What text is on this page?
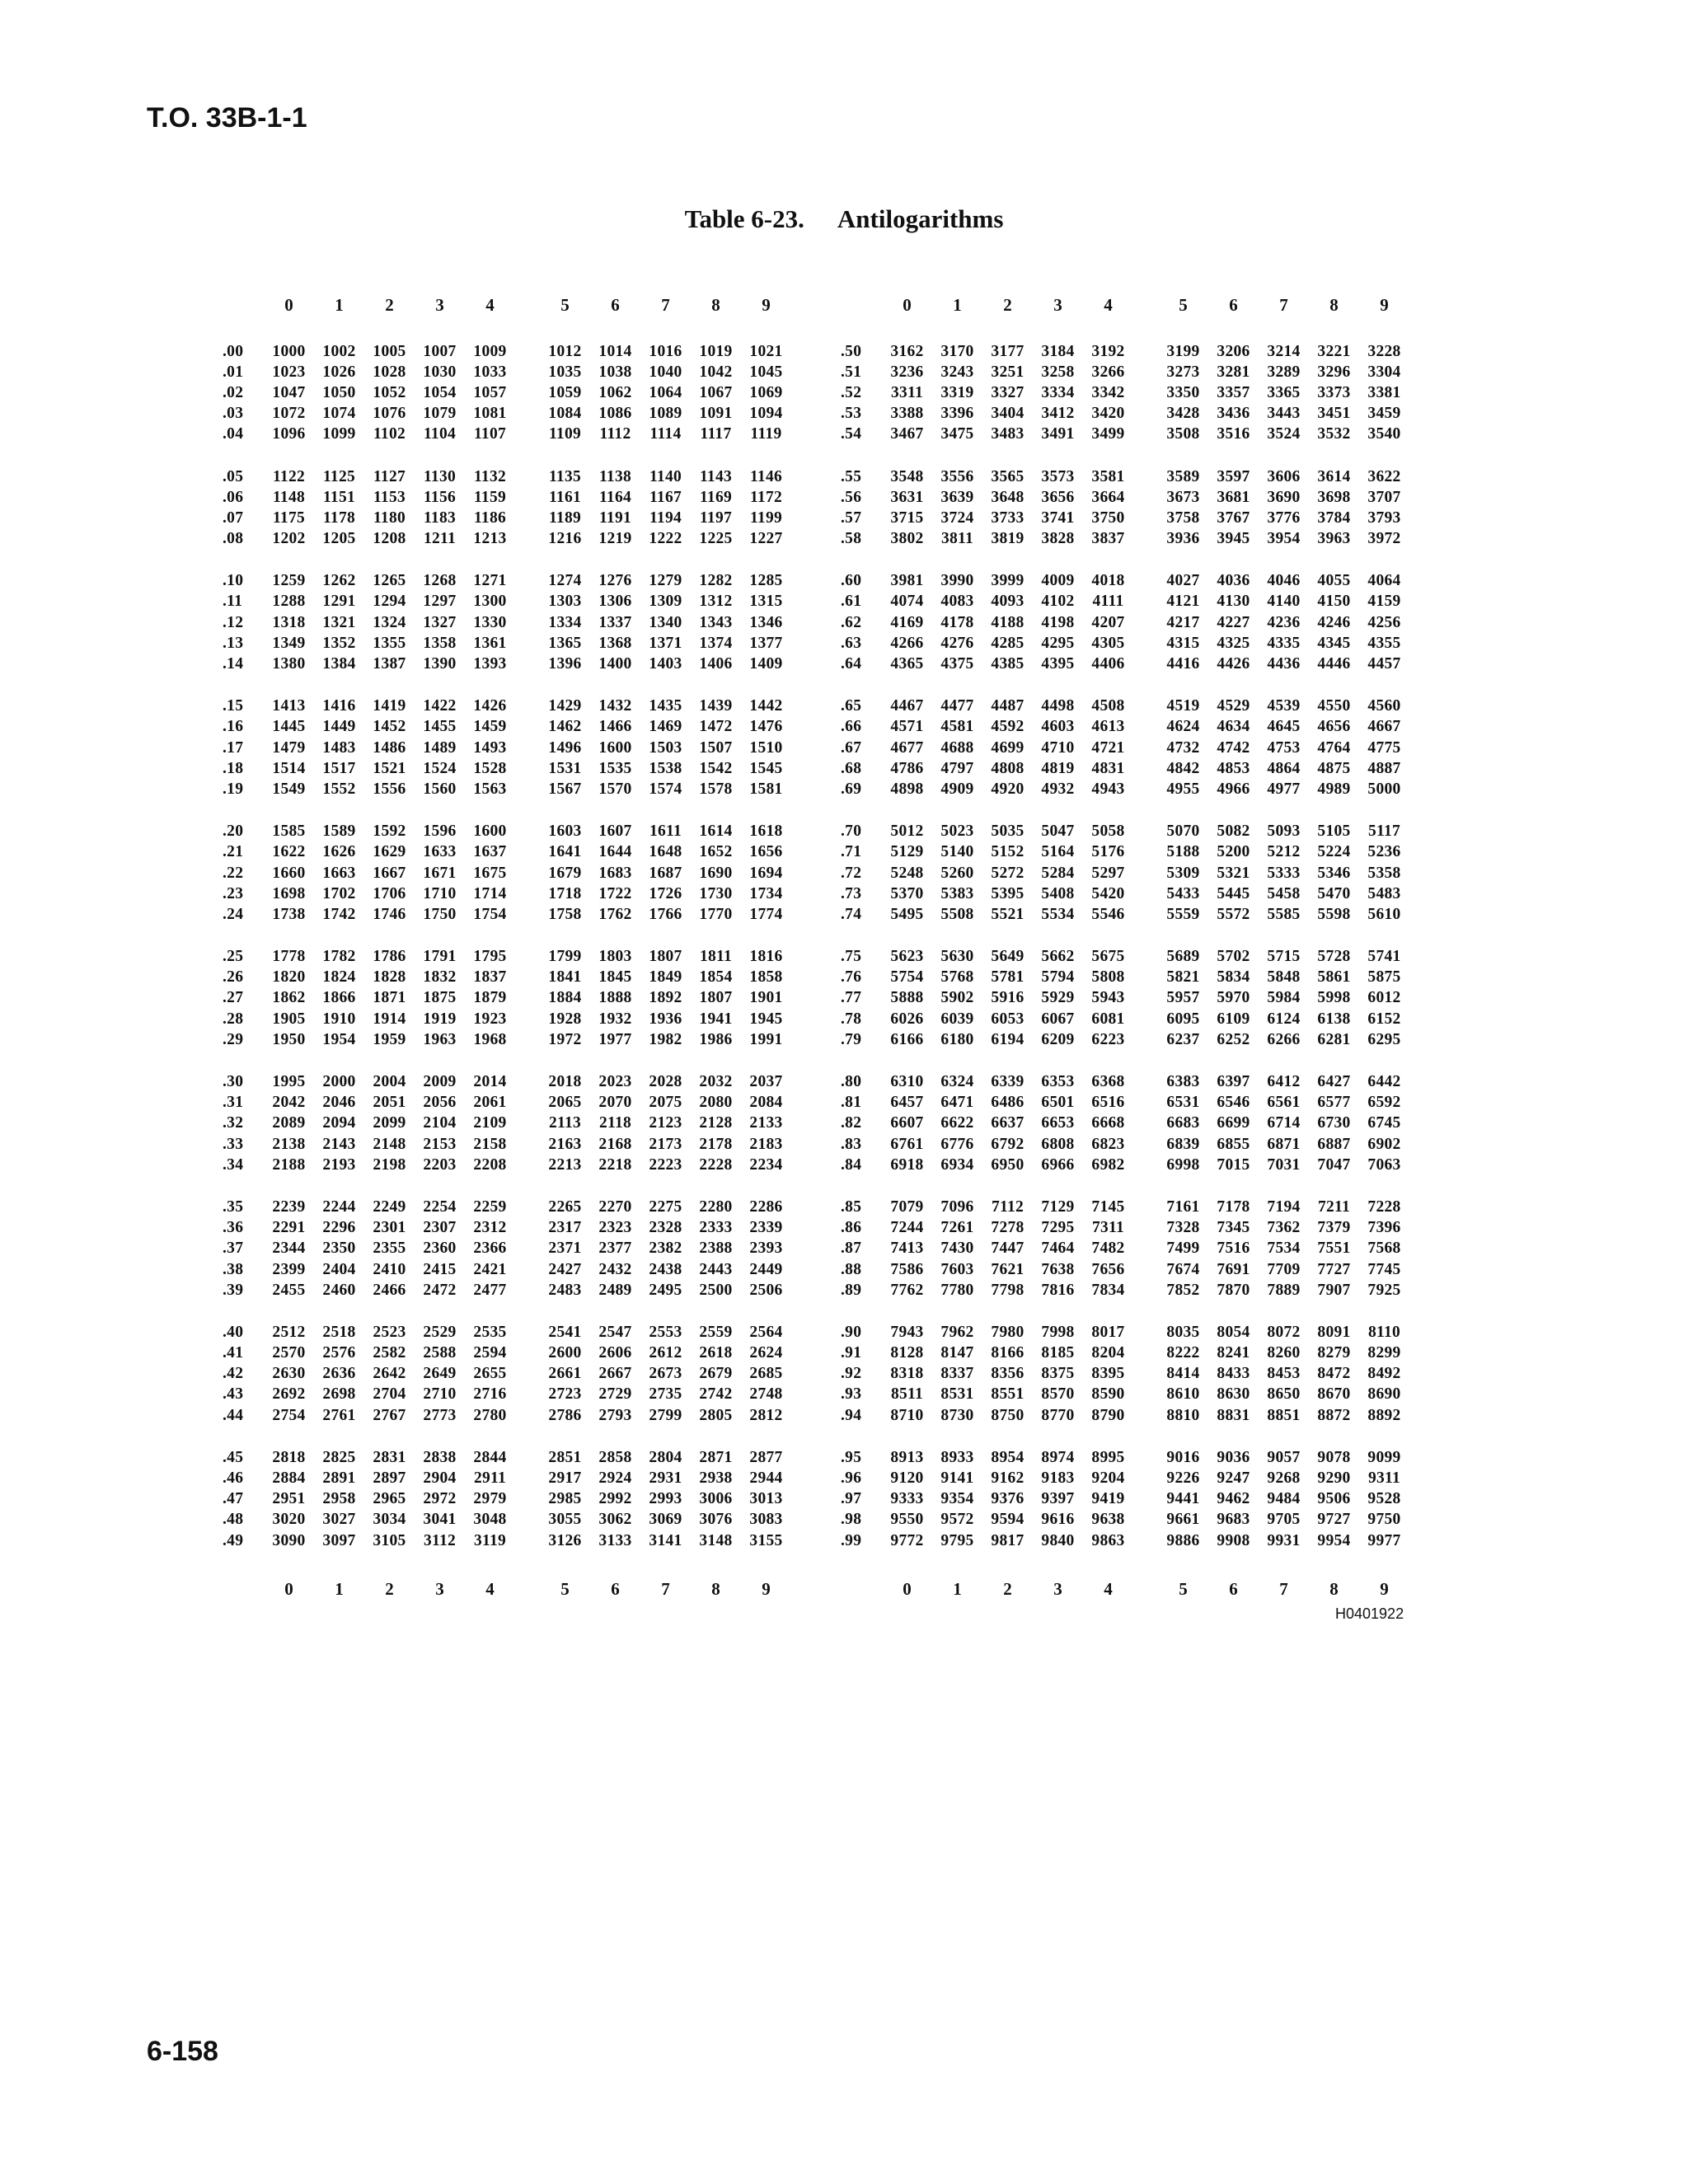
T.O. 33B-1-1
Table 6-23. Antilogarithms
0	1	2	3	4	5	6	7	8	9
.00	1000	1002	1005	1007	1009	1012	1014	1016	1019	1021
.01	1023	1026	1028	1030	1033	1035	1038	1040	1042	1045
.02	1047	1050	1052	1054	1057	1059	1062	1064	1067	1069
.03	1072	1074	1076	1079	1081	1084	1086	1089	1091	1094
.04	1096	1099	1102	1104	1107	1109	1112	1114	1117	1119
.05	1122	1125	1127	1130	1132	1135	1138	1140	1143	1146
.06	1148	1151	1153	1156	1159	1161	1164	1167	1169	1172
.07	1175	1178	1180	1183	1186	1189	1191	1194	1197	1199
.08	1202	1205	1208	1211	1213	1216	1219	1222	1225	1227
.10	1259	1262	1265	1268	1271	1274	1276	1279	1282	1285
.11	1288	1291	1294	1297	1300	1303	1306	1309	1312	1315
.12	1318	1321	1324	1327	1330	1334	1337	1340	1343	1346
.13	1349	1352	1355	1358	1361	1365	1368	1371	1374	1377
.14	1380	1384	1387	1390	1393	1396	1400	1403	1406	1409
.15	1413	1416	1419	1422	1426	1429	1432	1435	1439	1442
.16	1445	1449	1452	1455	1459	1462	1466	1469	1472	1476
.17	1479	1483	1486	1489	1493	1496	1600	1503	1507	1510
.18	1514	1517	1521	1524	1528	1531	1535	1538	1542	1545
.19	1549	1552	1556	1560	1563	1567	1570	1574	1578	1581
.20	1585	1589	1592	1596	1600	1603	1607	1611	1614	1618
.21	1622	1626	1629	1633	1637	1641	1644	1648	1652	1656
.22	1660	1663	1667	1671	1675	1679	1683	1687	1690	1694
.23	1698	1702	1706	1710	1714	1718	1722	1726	1730	1734
.24	1738	1742	1746	1750	1754	1758	1762	1766	1770	1774
.25	1778	1782	1786	1791	1795	1799	1803	1807	1811	1816
.26	1820	1824	1828	1832	1837	1841	1845	1849	1854	1858
.27	1862	1866	1871	1875	1879	1884	1888	1892	1807	1901
.28	1905	1910	1914	1919	1923	1928	1932	1936	1941	1945
.29	1950	1954	1959	1963	1968	1972	1977	1982	1986	1991
.30	1995	2000	2004	2009	2014	2018	2023	2028	2032	2037
.31	2042	2046	2051	2056	2061	2065	2070	2075	2080	2084
.32	2089	2094	2099	2104	2109	2113	2118	2123	2128	2133
.33	2138	2143	2148	2153	2158	2163	2168	2173	2178	2183
.34	2188	2193	2198	2203	2208	2213	2218	2223	2228	2234
.35	2239	2244	2249	2254	2259	2265	2270	2275	2280	2286
.36	2291	2296	2301	2307	2312	2317	2323	2328	2333	2339
.37	2344	2350	2355	2360	2366	2371	2377	2382	2388	2393
.38	2399	2404	2410	2415	2421	2427	2432	2438	2443	2449
.39	2455	2460	2466	2472	2477	2483	2489	2495	2500	2506
.40	2512	2518	2523	2529	2535	2541	2547	2553	2559	2564
.41	2570	2576	2582	2588	2594	2600	2606	2612	2618	2624
.42	2630	2636	2642	2649	2655	2661	2667	2673	2679	2685
.43	2692	2698	2704	2710	2716	2723	2729	2735	2742	2748
.44	2754	2761	2767	2773	2780	2786	2793	2799	2805	2812
.45	2818	2825	2831	2838	2844	2851	2858	2804	2871	2877
.46	2884	2891	2897	2904	2911	2917	2924	2931	2938	2944
.47	2951	2958	2965	2972	2979	2985	2992	2993	3006	3013
.48	3020	3027	3034	3041	3048	3055	3062	3069	3076	3083
.49	3090	3097	3105	3112	3119	3126	3133	3141	3148	3155
0	1	2	3	4	5	6	7	8	9
0	1	2	3	4	5	6	7	8	9
.50	3162	3170	3177	3184	3192	3199	3206	3214	3221	3228
.51	3236	3243	3251	3258	3266	3273	3281	3289	3296	3304
.52	3311	3319	3327	3334	3342	3350	3357	3365	3373	3381
.53	3388	3396	3404	3412	3420	3428	3436	3443	3451	3459
.54	3467	3475	3483	3491	3499	3508	3516	3524	3532	3540
.55	3548	3556	3565	3573	3581	3589	3597	3606	3614	3622
.56	3631	3639	3648	3656	3664	3673	3681	3690	3698	3707
.57	3715	3724	3733	3741	3750	3758	3767	3776	3784	3793
.58	3802	3811	3819	3828	3837	3936	3945	3954	3963	3972
.60	3981	3990	3999	4009	4018	4027	4036	4046	4055	4064
.61	4074	4083	4093	4102	4111	4121	4130	4140	4150	4159
.62	4169	4178	4188	4198	4207	4217	4227	4236	4246	4256
.63	4266	4276	4285	4295	4305	4315	4325	4335	4345	4355
.64	4365	4375	4385	4395	4406	4416	4426	4436	4446	4457
.65	4467	4477	4487	4498	4508	4519	4529	4539	4550	4560
.66	4571	4581	4592	4603	4613	4624	4634	4645	4656	4667
.67	4677	4688	4699	4710	4721	4732	4742	4753	4764	4775
.68	4786	4797	4808	4819	4831	4842	4853	4864	4875	4887
.69	4898	4909	4920	4932	4943	4955	4966	4977	4989	5000
.70	5012	5023	5035	5047	5058	5070	5082	5093	5105	5117
.71	5129	5140	5152	5164	5176	5188	5200	5212	5224	5236
.72	5248	5260	5272	5284	5297	5309	5321	5333	5346	5358
.73	5370	5383	5395	5408	5420	5433	5445	5458	5470	5483
.74	5495	5508	5521	5534	5546	5559	5572	5585	5598	5610
.75	5623	5630	5649	5662	5675	5689	5702	5715	5728	5741
.76	5754	5768	5781	5794	5808	5821	5834	5848	5861	5875
.77	5888	5902	5916	5929	5943	5957	5970	5984	5998	6012
.78	6026	6039	6053	6067	6081	6095	6109	6124	6138	6152
.79	6166	6180	6194	6209	6223	6237	6252	6266	6281	6295
.80	6310	6324	6339	6353	6368	6383	6397	6412	6427	6442
.81	6457	6471	6486	6501	6516	6531	6546	6561	6577	6592
.82	6607	6622	6637	6653	6668	6683	6699	6714	6730	6745
.83	6761	6776	6792	6808	6823	6839	6855	6871	6887	6902
.84	6918	6934	6950	6966	6982	6998	7015	7031	7047	7063
.85	7079	7096	7112	7129	7145	7161	7178	7194	7211	7228
.86	7244	7261	7278	7295	7311	7328	7345	7362	7379	7396
.87	7413	7430	7447	7464	7482	7499	7516	7534	7551	7568
.88	7586	7603	7621	7638	7656	7674	7691	7709	7727	7745
.89	7762	7780	7798	7816	7834	7852	7870	7889	7907	7925
.90	7943	7962	7980	7998	8017	8035	8054	8072	8091	8110
.91	8128	8147	8166	8185	8204	8222	8241	8260	8279	8299
.92	8318	8337	8356	8375	8395	8414	8433	8453	8472	8492
.93	8511	8531	8551	8570	8590	8610	8630	8650	8670	8690
.94	8710	8730	8750	8770	8790	8810	8831	8851	8872	8892
.95	8913	8933	8954	8974	8995	9016	9036	9057	9078	9099
.96	9120	9141	9162	9183	9204	9226	9247	9268	9290	9311
.97	9333	9354	9376	9397	9419	9441	9462	9484	9506	9528
.98	9550	9572	9594	9616	9638	9661	9683	9705	9727	9750
.99	9772	9795	9817	9840	9863	9886	9908	9931	9954	9977
0	1	2	3	4	5	6	7	8	9
H0401922
6-158
